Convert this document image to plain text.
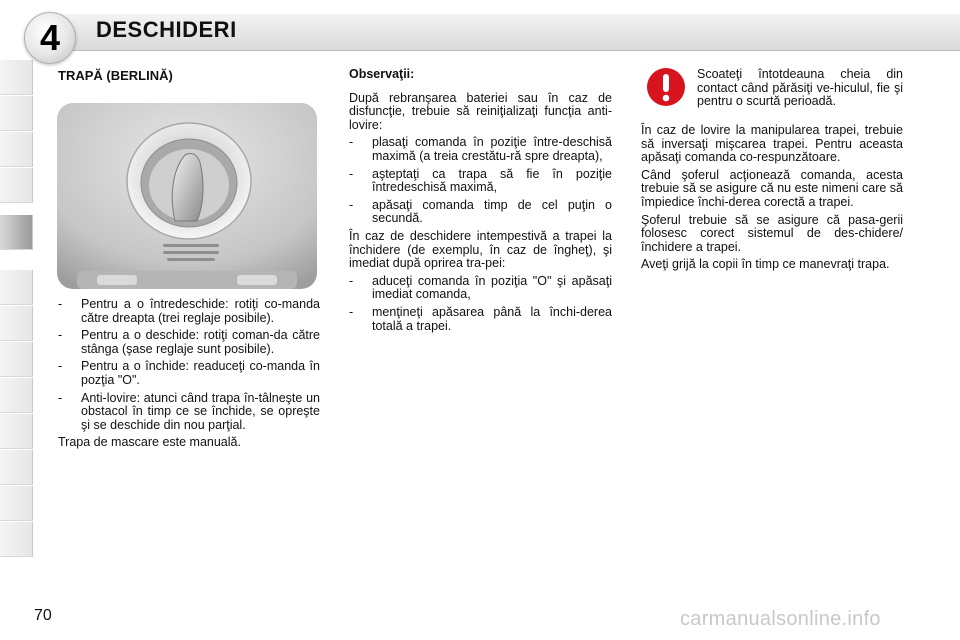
4	DESCHIDERI
TRAPĂ (BERLINĂ)
- Pentru a o întredeschide: rotiţi co-manda către dreapta (trei reglaje posibile).
- Pentru a o deschide: rotiţi coman-da către stânga (şase reglaje sunt posibile).
- Pentru a o închide: readuceţi co-manda în pozţia "O".
- Anti-lovire: atunci când trapa în-tâlneşte un obstacol în timp ce se închide, se opreşte şi se deschide din nou parţial.

Trapa de mascare este manuală.

Observaţii:

După rebranşarea bateriei sau în caz de disfuncţie, trebuie să reiniţializaţi funcţia anti-lovire:

- plasaţi comanda în poziţie între-deschisă maximă (a treia crestătu-ră spre dreapta),
- aşteptaţi ca trapa să fie în poziţie întredeschisă maximă,
- apăsaţi comanda timp de cel puţin o secundă.

În caz de deschidere intempestivă a trapei la închidere (de exemplu, în caz de îngheţ), şi imediat după oprirea tra-pei:

- aduceţi comanda în poziţia "O" şi apăsaţi imediat comanda,
- menţineţi apăsarea până la închi-derea totală a trapei.
Scoateţi întotdeauna cheia din contact când părăsiţi ve-hiculul, fie şi pentru o scurtă perioadă.

În caz de lovire la manipularea trapei, trebuie să inversaţi mişcarea trapei. Pentru aceasta apăsaţi comanda co-respunzătoare.

Când şoferul acţionează comanda, acesta trebuie să se asigure că nu este nimeni care să împiedice închi-derea corectă a trapei.

Şoferul trebuie să se asigure că pasa-gerii folosesc corect sistemul de des-chidere/închidere a trapei.

Aveţi grijă la copii în timp ce manevraţi trapa.

70	carmanualsonline.info
